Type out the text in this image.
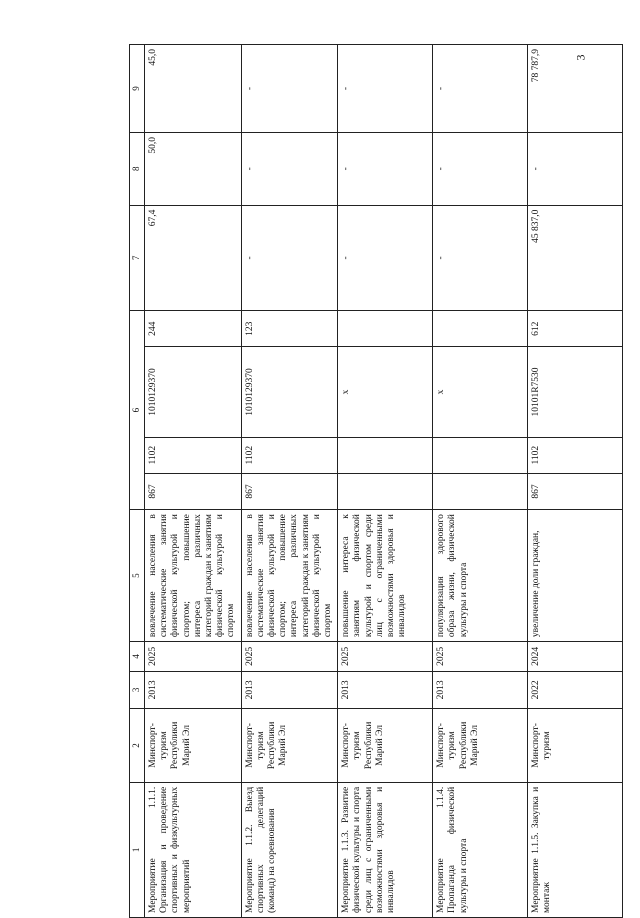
3
1	2	3	4	5	6				7	8	9
Мероприятие 1.1.1. Организация и проведение спортивных и физкультурных мероприятий	Минспорт-туризм Республики Марий Эл	2013	2025	вовлечение населения в систематические занятия физической культурой и спортом; повышение интереса различных категорий граждан к занятиям физической культурой и спортом	867	1102	1010129370	244	67,4	50,0	45,0
Мероприятие 1.1.2. Выезд спортивных делегаций (команд) на соревнования	Минспорт-туризм Республики Марий Эл	2013	2025	вовлечение населения в систематические занятия физической культурой и спортом; повышение интереса различных категорий граждан к занятиям физической культурой и спортом	867	1102	1010129370	123	-	-	-
Мероприятие 1.1.3. Развитие физической культуры и спорта среди лиц с ограниченными возможностями здоровья и инвалидов	Минспорт-туризм Республики Марий Эл	2013	2025	повышение интереса к занятиям физической культурой и спортом среди лиц с ограниченными возможностями здоровья и инвалидов			х		-	-	-
Мероприятие 1.1.4. Пропаганда физической культуры и спорта	Минспорт-туризм Республики Марий Эл	2013	2025	популяризация здорового образа жизни, физической культуры и спорта			х		-	-	-
Мероприятие 1.1.5. Закупка и монтаж	Минспорт-туризм	2022	2024	увеличение доли граждан,	867	1102	10101R7530	612	45 837,0	-	78 787,9
